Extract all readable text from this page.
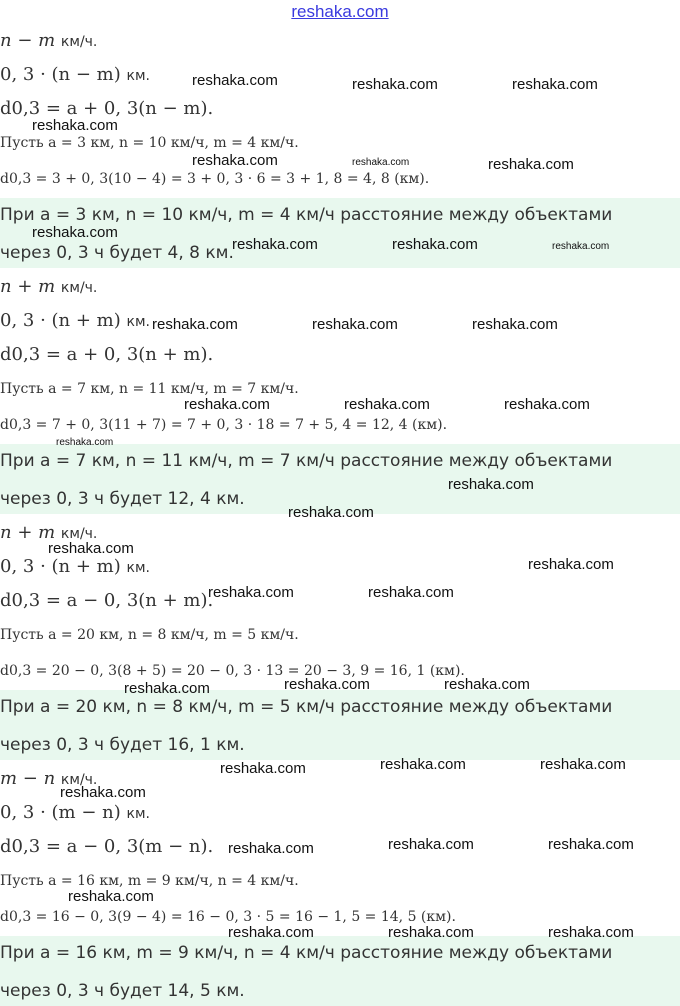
reshaka.com
n − m км/ч.
0, 3 · (n − m) км.
d0,3 = a + 0, 3(n − m).
Пусть a = 3 км, n = 10 км/ч, m = 4 км/ч.
d0,3 = 3 + 0, 3(10 − 4) = 3 + 0, 3 · 6 = 3 + 1, 8 = 4, 8 (км).
При a = 3 км, n = 10 км/ч, m = 4 км/ч расстояние между объектами
через 0, 3 ч будет 4, 8 км.
n + m км/ч.
0, 3 · (n + m) км.
d0,3 = a + 0, 3(n + m).
Пусть a = 7 км, n = 11 км/ч, m = 7 км/ч.
d0,3 = 7 + 0, 3(11 + 7) = 7 + 0, 3 · 18 = 7 + 5, 4 = 12, 4 (км).
При a = 7 км, n = 11 км/ч, m = 7 км/ч расстояние между объектами
через 0, 3 ч будет 12, 4 км.
n + m км/ч.
0, 3 · (n + m) км.
d0,3 = a − 0, 3(n + m).
Пусть a = 20 км, n = 8 км/ч, m = 5 км/ч.
d0,3 = 20 − 0, 3(8 + 5) = 20 − 0, 3 · 13 = 20 − 3, 9 = 16, 1 (км).
При a = 20 км, n = 8 км/ч, m = 5 км/ч расстояние между объектами
через 0, 3 ч будет 16, 1 км.
m − n км/ч.
0, 3 · (m − n) км.
d0,3 = a − 0, 3(m − n).
Пусть a = 16 км, m = 9 км/ч, n = 4 км/ч.
d0,3 = 16 − 0, 3(9 − 4) = 16 − 0, 3 · 5 = 16 − 1, 5 = 14, 5 (км).
При a = 16 км, m = 9 км/ч, n = 4 км/ч расстояние между объектами
через 0, 3 ч будет 14, 5 км.
reshaka.com	reshaka.com	reshaka.com
reshaka.com
reshaka.com	reshaka.com	reshaka.com
reshaka.com
reshaka.com	reshaka.com	reshaka.com
reshaka.com	reshaka.com	reshaka.com
reshaka.com	reshaka.com	reshaka.com
reshaka.com
reshaka.com
reshaka.com
reshaka.com
reshaka.com
reshaka.com	reshaka.com
reshaka.com	reshaka.com	reshaka.com
reshaka.com	reshaka.com	reshaka.com
reshaka.com
reshaka.com	reshaka.com	reshaka.com
reshaka.com
reshaka.com	reshaka.com	reshaka.com
